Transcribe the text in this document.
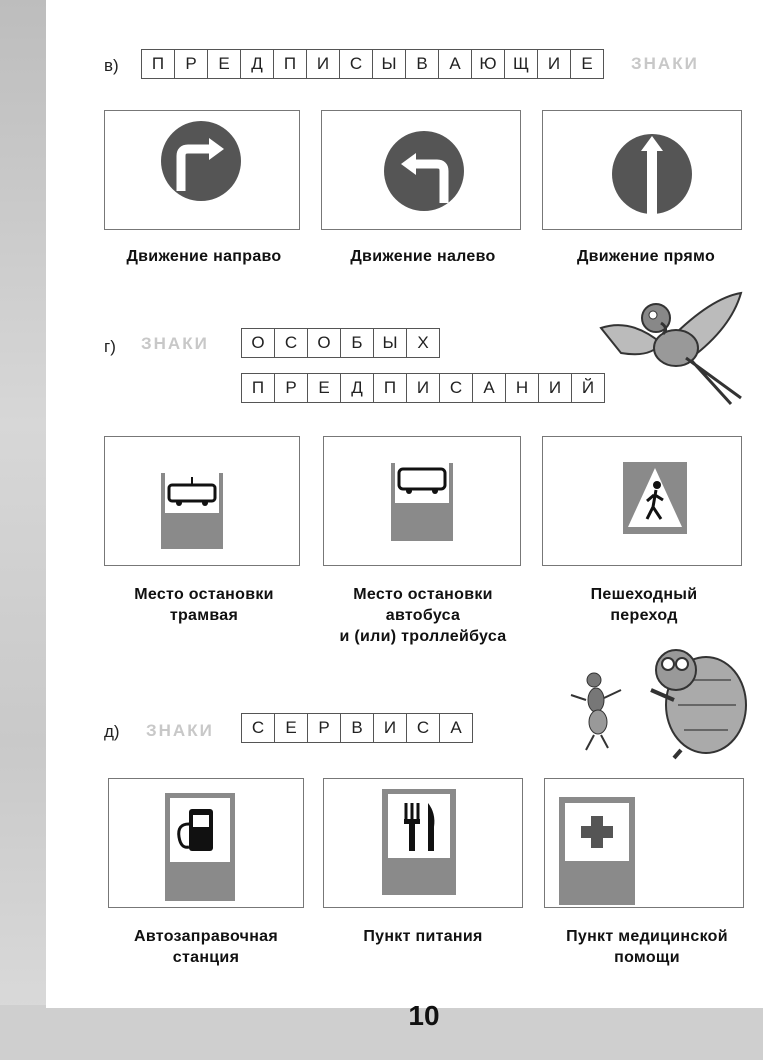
в)	П	Р	Е	Д	П	И	С	Ы	В	А	Ю Щ	И	Е	ЗНАКИ
Движение направо	Движение налево	Движение прямо
г) ЗНАКИ	О	С	О	Б	Ы	Х
П	Р	Е	Д	П	И	С	А	Н	И	Й
Место остановки
трамвая
Место остановки
автобуса
и (или) троллейбуса
Пешеходный
переход
д) ЗНАКИ	С	Е	Р	В	И	С	А
Автозаправочная
станция
Пункт питания	Пункт медицинской
помощи
10
